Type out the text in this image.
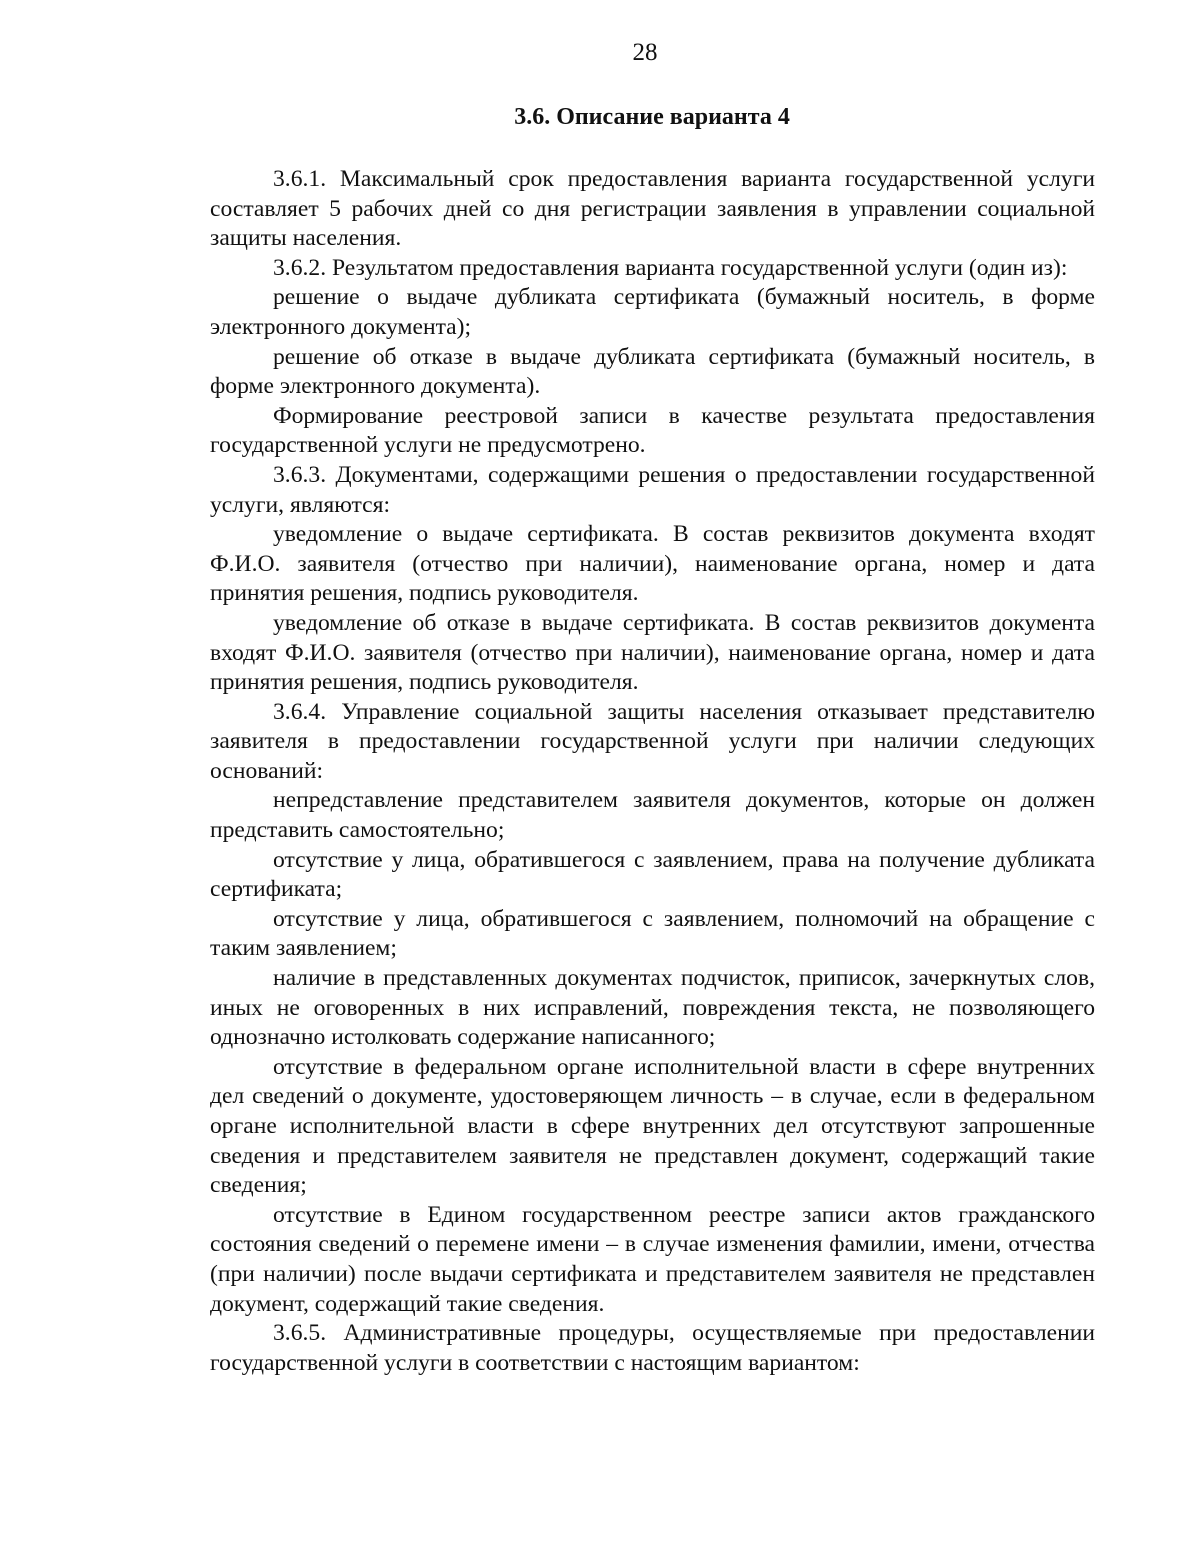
28
3.6. Описание варианта 4

3.6.1. Максимальный срок предоставления варианта государственной услуги составляет 5 рабочих дней со дня регистрации заявления в управлении социальной защиты населения.

3.6.2. Результатом предоставления варианта государственной услуги (один из):

решение о выдаче дубликата сертификата (бумажный носитель, в форме электронного документа);

решение об отказе в выдаче дубликата сертификата (бумажный носитель, в форме электронного документа).

Формирование реестровой записи в качестве результата предоставления государственной услуги не предусмотрено.

3.6.3. Документами, содержащими решения о предоставлении государственной услуги, являются:

уведомление о выдаче сертификата. В состав реквизитов документа входят Ф.И.О. заявителя (отчество при наличии), наименование органа, номер и дата принятия решения, подпись руководителя.

уведомление об отказе в выдаче сертификата. В состав реквизитов документа входят Ф.И.О. заявителя (отчество при наличии), наименование органа, номер и дата принятия решения, подпись руководителя.

3.6.4. Управление социальной защиты населения отказывает представителю заявителя в предоставлении государственной услуги при наличии следующих оснований:

непредставление представителем заявителя документов, которые он должен представить самостоятельно;

отсутствие у лица, обратившегося с заявлением, права на получение дубликата сертификата;

отсутствие у лица, обратившегося с заявлением, полномочий на обращение с таким заявлением;

наличие в представленных документах подчисток, приписок, зачеркнутых слов, иных не оговоренных в них исправлений, повреждения текста, не позволяющего однозначно истолковать содержание написанного;

отсутствие в федеральном органе исполнительной власти в сфере внутренних дел сведений о документе, удостоверяющем личность – в случае, если в федеральном органе исполнительной власти в сфере внутренних дел отсутствуют запрошенные сведения и представителем заявителя не представлен документ, содержащий такие сведения;

отсутствие в Едином государственном реестре записи актов гражданского состояния сведений о перемене имени – в случае изменения фамилии, имени, отчества (при наличии) после выдачи сертификата и представителем заявителя не представлен документ, содержащий такие сведения.

3.6.5. Административные процедуры, осуществляемые при предоставлении государственной услуги в соответствии с настоящим вариантом:
